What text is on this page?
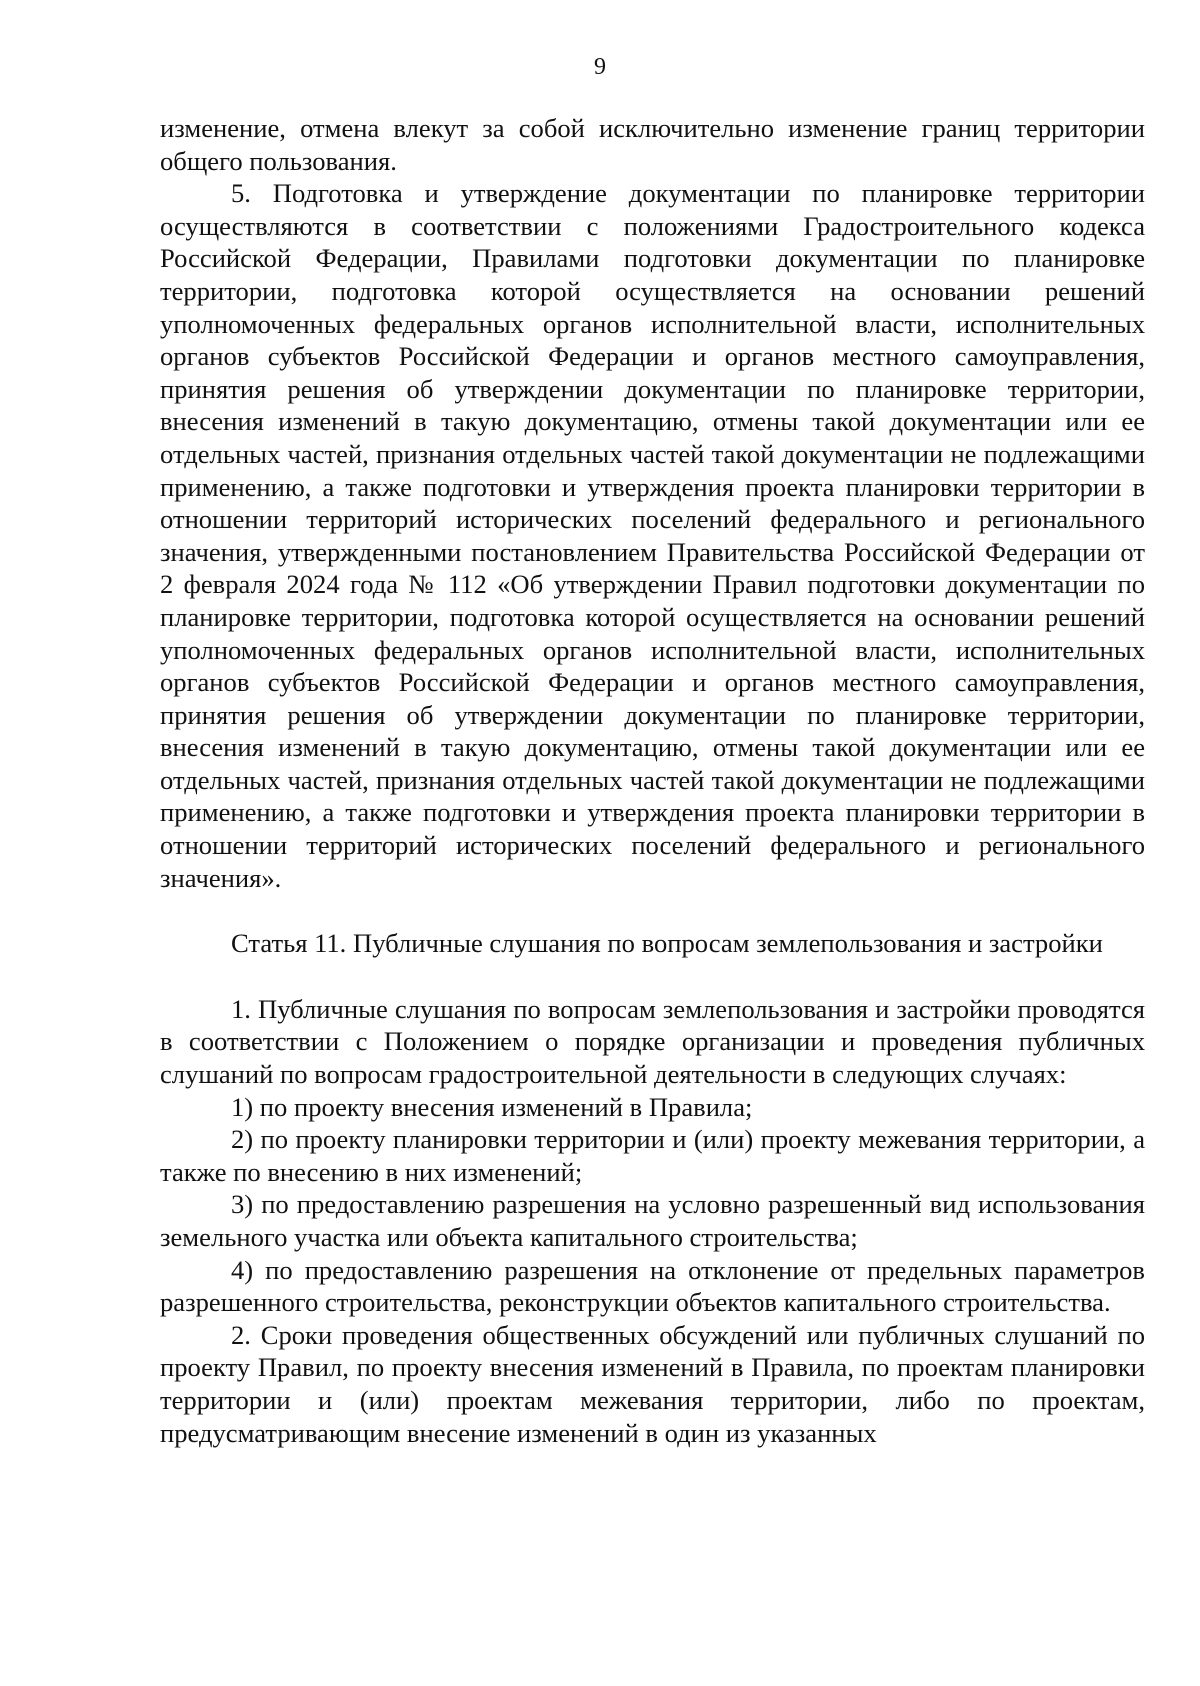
9

изменение, отмена влекут за собой исключительно изменение границ территории общего пользования.

5. Подготовка и утверждение документации по планировке территории осуществляются в соответствии с положениями Градостроительного кодекса Российской Федерации, Правилами подготовки документации по планировке территории, подготовка которой осуществляется на основании решений уполномоченных федеральных органов исполнительной власти, исполнительных органов субъектов Российской Федерации и органов местного самоуправления, принятия решения об утверждении документации по планировке территории, внесения изменений в такую документацию, отмены такой документации или ее отдельных частей, признания отдельных частей такой документации не подлежащими применению, а также подготовки и утверждения проекта планировки территории в отношении территорий исторических поселений федерального и регионального значения, утвержденными постановлением Правительства Российской Федерации от 2 февраля 2024 года № 112 «Об утверждении Правил подготовки документации по планировке территории, подготовка которой осуществляется на основании решений уполномоченных федеральных органов исполнительной власти, исполнительных органов субъектов Российской Федерации и органов местного самоуправления, принятия решения об утверждении документации по планировке территории, внесения изменений в такую документацию, отмены такой документации или ее отдельных частей, признания отдельных частей такой документации не подлежащими применению, а также подготовки и утверждения проекта планировки территории в отношении территорий исторических поселений федерального и регионального значения».

Статья 11. Публичные слушания по вопросам землепользования и застройки

1. Публичные слушания по вопросам землепользования и застройки проводятся в соответствии с Положением о порядке организации и проведения публичных слушаний по вопросам градостроительной деятельности в следующих случаях:

1) по проекту внесения изменений в Правила;

2) по проекту планировки территории и (или) проекту межевания территории, а также по внесению в них изменений;

3) по предоставлению разрешения на условно разрешенный вид использования земельного участка или объекта капитального строительства;

4) по предоставлению разрешения на отклонение от предельных параметров разрешенного строительства, реконструкции объектов капитального строительства.

2. Сроки проведения общественных обсуждений или публичных слушаний по проекту Правил, по проекту внесения изменений в Правила, по проектам планировки территории и (или) проектам межевания территории, либо по проектам, предусматривающим внесение изменений в один из указанных
